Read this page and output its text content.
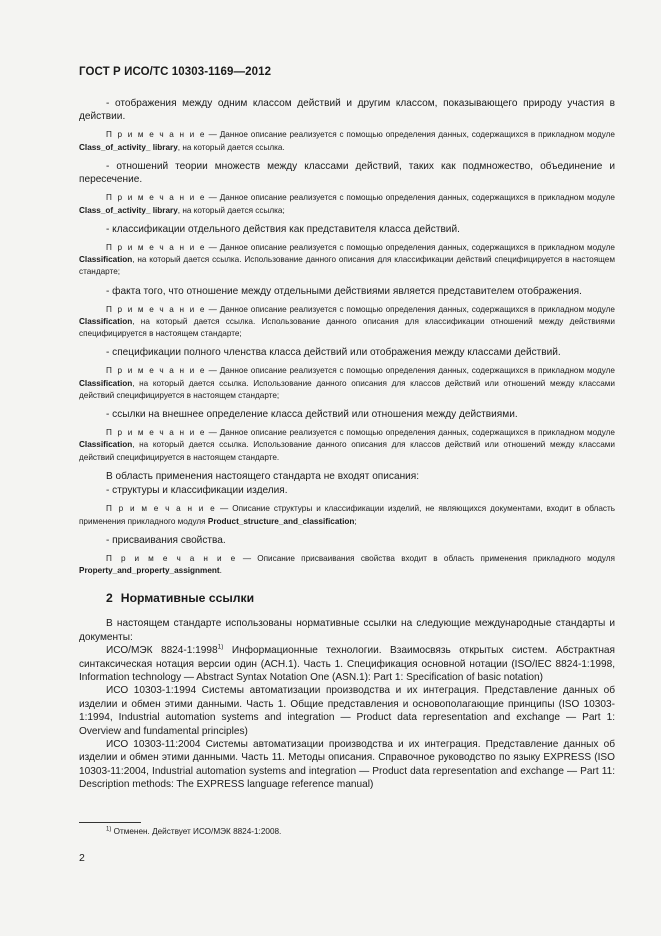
ГОСТ Р ИСО/ТС 10303-1169—2012

- отображения между одним классом действий и другим классом, показывающего природу участия в действии.

П р и м е ч а н и е — Данное описание реализуется с помощью определения данных, содержащихся в прикладном модуле Class_of_activity_ library, на который дается ссылка.

- отношений теории множеств между классами действий, таких как подмножество, объединение и пересечение.

П р и м е ч а н и е — Данное описание реализуется с помощью определения данных, содержащихся в прикладном модуле Class_of_activity_ library, на который дается ссылка;

- классификации отдельного действия как представителя класса действий.

П р и м е ч а н и е — Данное описание реализуется с помощью определения данных, содержащихся в прикладном модуле Classification, на который дается ссылка. Использование данного описания для классификации действий специфицируется в настоящем стандарте;

- факта того, что отношение между отдельными действиями является представителем отображения.

П р и м е ч а н и е — Данное описание реализуется с помощью определения данных, содержащихся в прикладном модуле Classification, на который дается ссылка. Использование данного описания для классификации отношений между действиями специфицируется в настоящем стандарте;

- спецификации полного членства класса действий или отображения между классами действий.

П р и м е ч а н и е — Данное описание реализуется с помощью определения данных, содержащихся в прикладном модуле Classification, на который дается ссылка. Использование данного описания для классов действий или отношений между классами действий специфицируется в настоящем стандарте;

- ссылки на внешнее определение класса действий или отношения между действиями.

П р и м е ч а н и е — Данное описание реализуется с помощью определения данных, содержащихся в прикладном модуле Classification, на который дается ссылка. Использование данного описания для классов действий или отношений между классами действий специфицируется в настоящем стандарте.

В область применения настоящего стандарта не входят описания:

- структуры и классификации изделия.

П р и м е ч а н и е — Описание структуры и классификации изделий, не являющихся документами, входит в область применения прикладного модуля Product_structure_and_classification;

- присваивания свойства.

П р и м е ч а н и е — Описание присваивания свойства входит в область применения прикладного модуля Property_and_property_assignment.

2 Нормативные ссылки

В настоящем стандарте использованы нормативные ссылки на следующие международные стандарты и документы:

ИСО/МЭК 8824-1:1998$^{1)}$ Информационные технологии. Взаимосвязь открытых систем. Абстрактная синтаксическая нотация версии один (АСН.1). Часть 1. Спецификация основной нотации (ISO/IEC 8824-1:1998, Information technology — Abstract Syntax Notation One (ASN.1): Part 1: Specification of basic notation)

ИСО 10303-1:1994 Системы автоматизации производства и их интеграция. Представление данных об изделии и обмен этими данными. Часть 1. Общие представления и основополагающие принципы (ISO 10303-1:1994, Industrial automation systems and integration — Product data representation and exchange — Part 1: Overview and fundamental principles)

ИСО 10303-11:2004 Системы автоматизации производства и их интеграция. Представление данных об изделии и обмен этими данными. Часть 11. Методы описания. Справочное руководство по языку EXPRESS (ISO 10303-11:2004, Industrial automation systems and integration — Product data representation and exchange — Part 11: Description methods: The EXPRESS language reference manual)

$^{1)}$ Отменен. Действует ИСО/МЭК 8824-1:2008.
2
